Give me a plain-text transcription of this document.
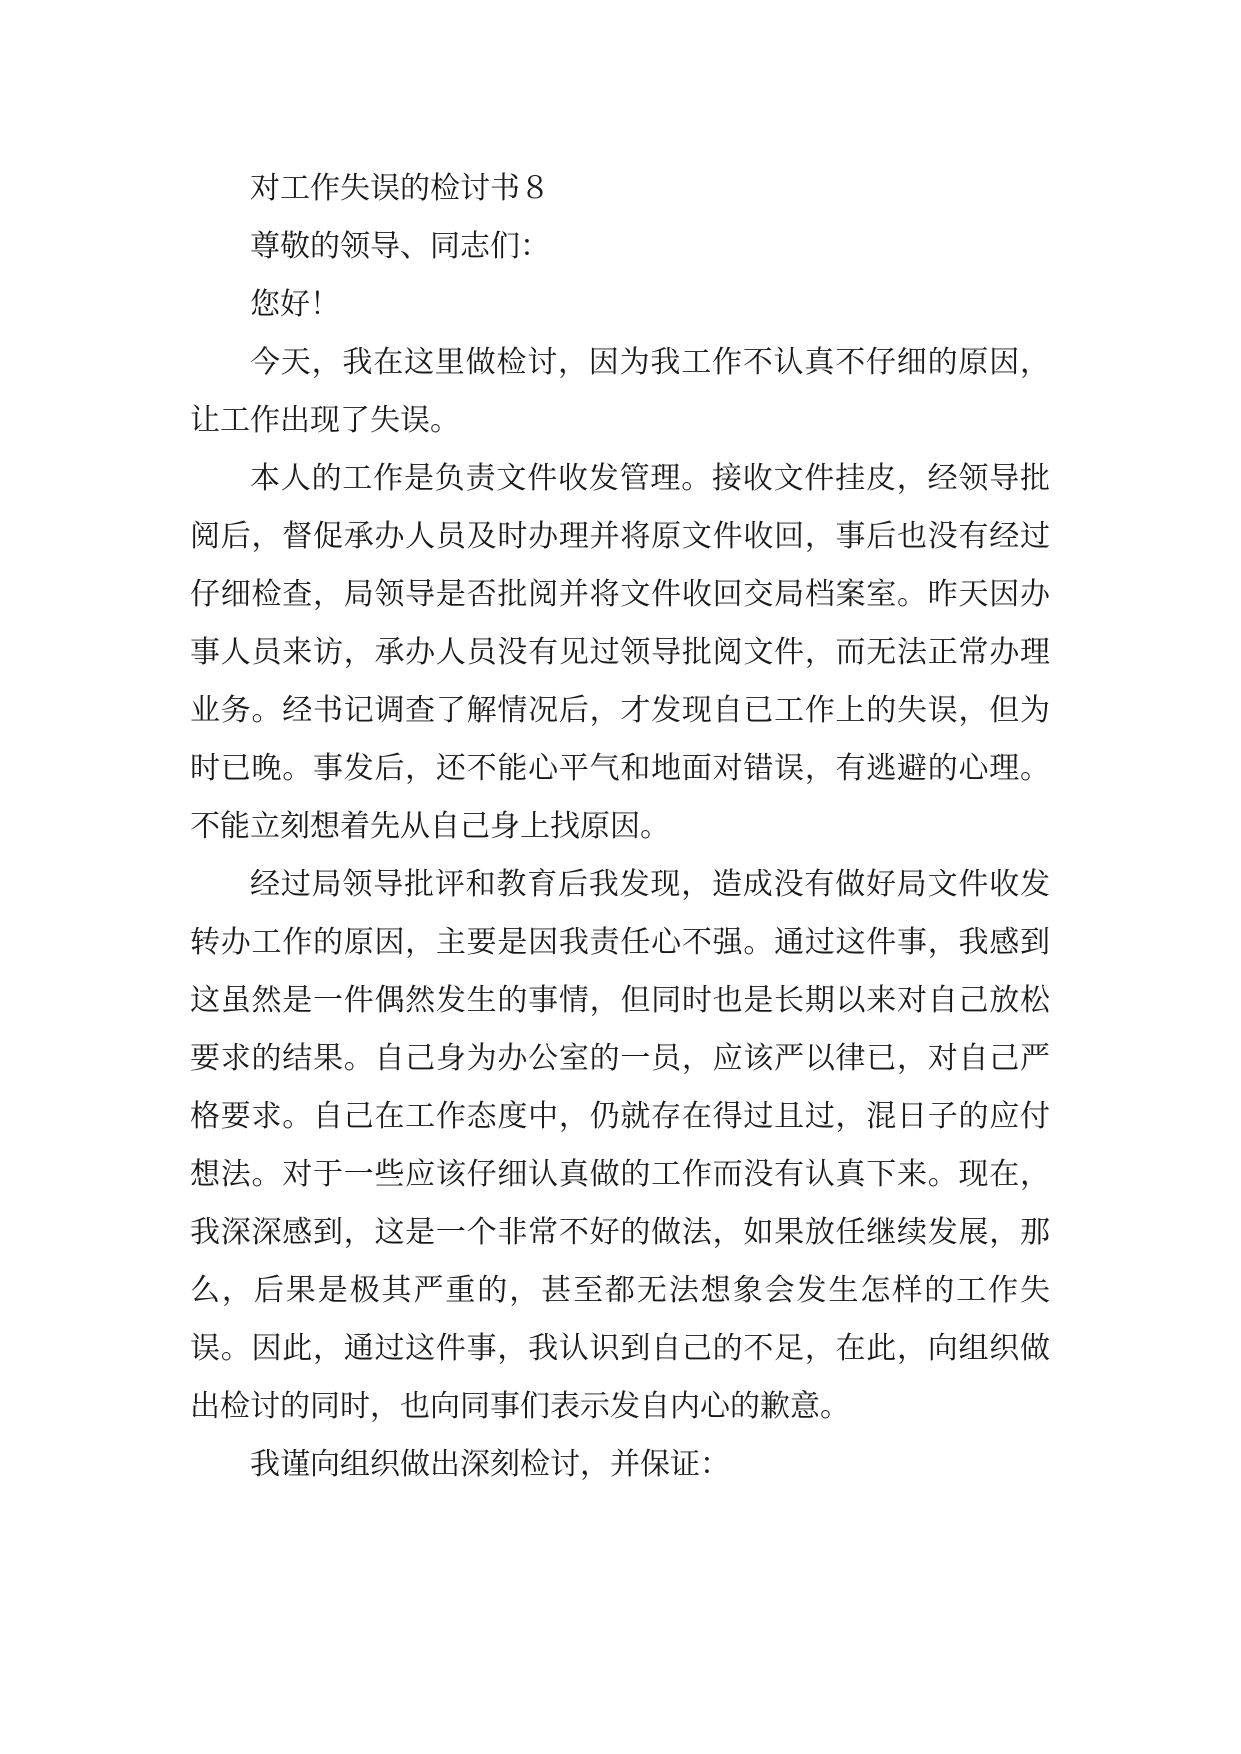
对工作失误的检讨书８

尊敬的领导、同志们：

您好！

今天，我在这里做检讨，因为我工作不认真不仔细的原因，让工作出现了失误。

本人的工作是负责文件收发管理。接收文件挂皮，经领导批阅后，督促承办人员及时办理并将原文件收回，事后也没有经过仔细检查，局领导是否批阅并将文件收回交局档案室。昨天因办事人员来访，承办人员没有见过领导批阅文件，而无法正常办理业务。经书记调查了解情况后，才发现自已工作上的失误，但为时已晚。事发后，还不能心平气和地面对错误，有逃避的心理。不能立刻想着先从自己身上找原因。

经过局领导批评和教育后我发现，造成没有做好局文件收发转办工作的原因，主要是因我责任心不强。通过这件事，我感到这虽然是一件偶然发生的事情，但同时也是长期以来对自己放松要求的结果。自己身为办公室的一员，应该严以律已，对自己严格要求。自己在工作态度中，仍就存在得过且过，混日子的应付想法。对于一些应该仔细认真做的工作而没有认真下来。现在，我深深感到，这是一个非常不好的做法，如果放任继续发展，那么，后果是极其严重的，甚至都无法想象会发生怎样的工作失误。因此，通过这件事，我认识到自己的不足，在此，向组织做出检讨的同时，也向同事们表示发自内心的歉意。

我谨向组织做出深刻检讨，并保证：
